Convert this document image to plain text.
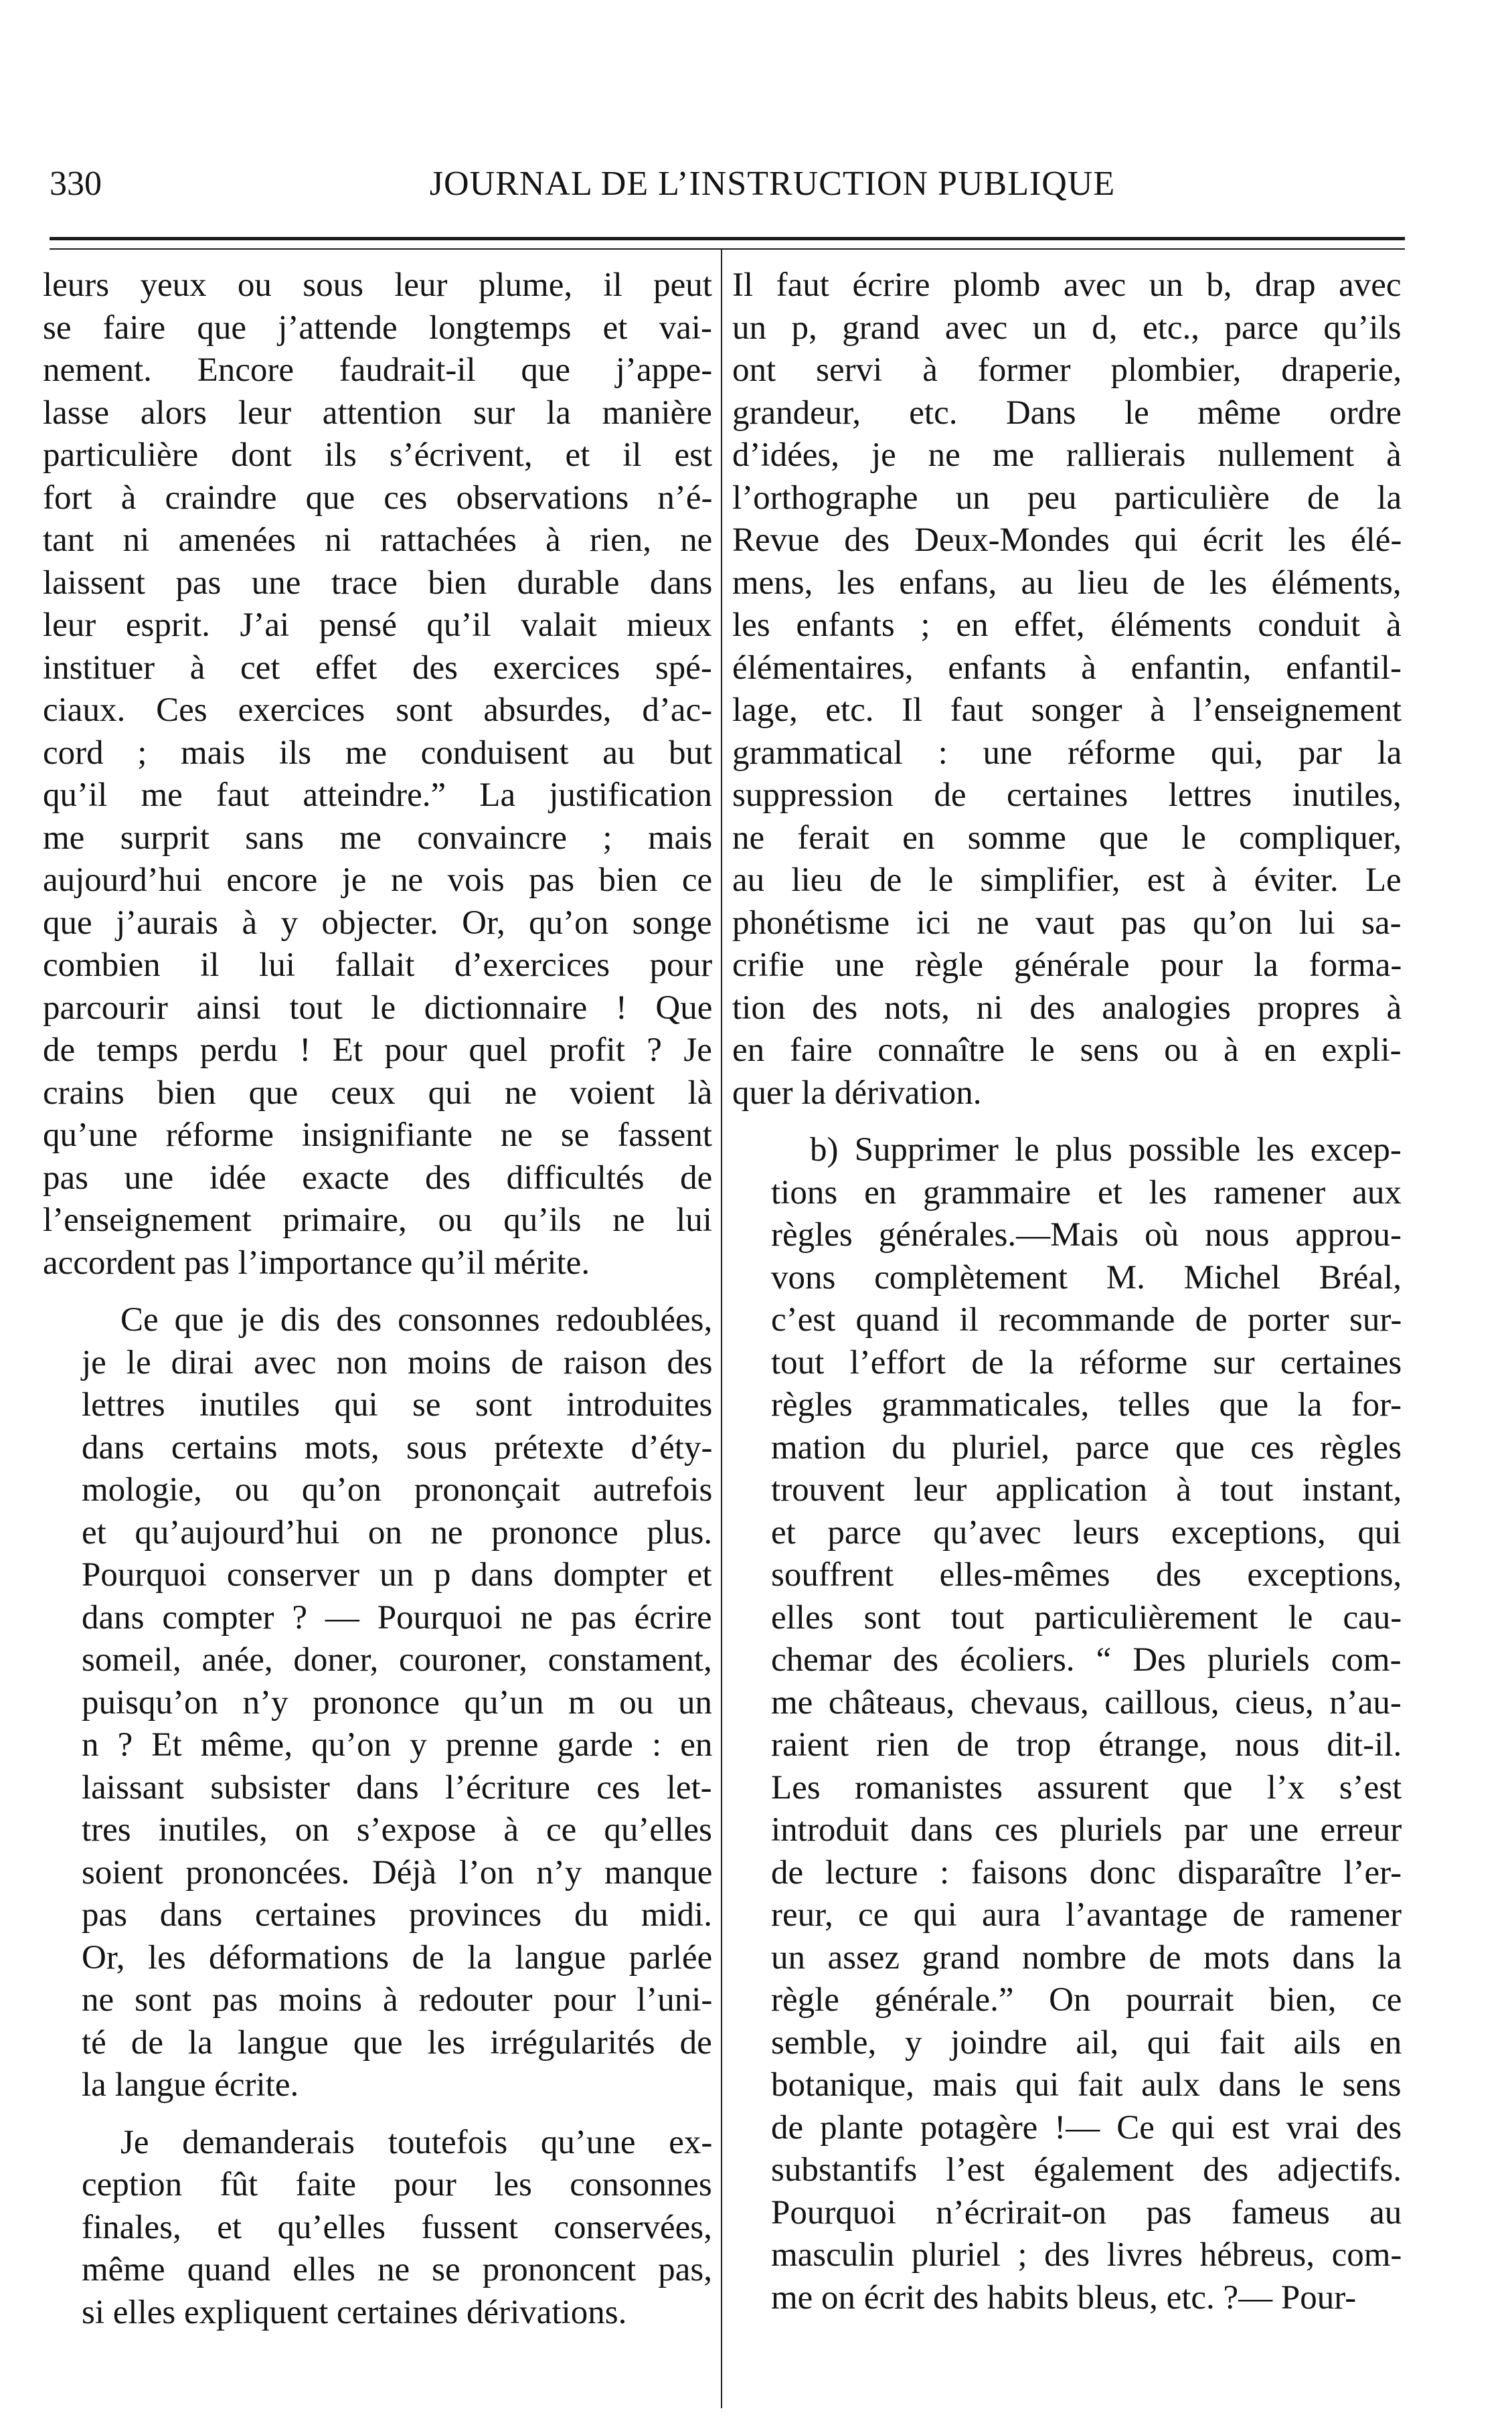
330	JOURNAL DE L’INSTRUCTION PUBLIQUE
leurs yeux ou sous leur plume, il peut
se faire que j’attende longtemps et vai-
nement. Encore faudrait-il que j’appe-
lasse alors leur attention sur la manière
particulière dont ils s’écrivent, et il est
fort à craindre que ces observations n’é-
tant ni amenées ni rattachées à rien, ne
laissent pas une trace bien durable dans
leur esprit. J’ai pensé qu’il valait mieux
instituer à cet effet des exercices spé-
ciaux. Ces exercices sont absurdes, d’ac-
cord ; mais ils me conduisent au but
qu’il me faut atteindre.” La justification
me surprit sans me convaincre ; mais
aujourd’hui encore je ne vois pas bien ce
que j’aurais à y objecter. Or, qu’on songe
combien il lui fallait d’exercices pour
parcourir ainsi tout le dictionnaire ! Que
de temps perdu ! Et pour quel profit ? Je
crains bien que ceux qui ne voient là
qu’une réforme insignifiante ne se fassent
pas une idée exacte des difficultés de
l’enseignement primaire, ou qu’ils ne lui
accordent pas l’importance qu’il mérite.
Ce que je dis des consonnes redoublées,
je le dirai avec non moins de raison des
lettres inutiles qui se sont introduites
dans certains mots, sous prétexte d’éty-
mologie, ou qu’on prononçait autrefois
et qu’aujourd’hui on ne prononce plus.
Pourquoi conserver un p dans dompter et
dans compter ? — Pourquoi ne pas écrire
someil, anée, doner, couroner, constament,
puisqu’on n’y prononce qu’un m ou un
n ? Et même, qu’on y prenne garde : en
laissant subsister dans l’écriture ces let-
tres inutiles, on s’expose à ce qu’elles
soient prononcées. Déjà l’on n’y manque
pas dans certaines provinces du midi.
Or, les déformations de la langue parlée
ne sont pas moins à redouter pour l’uni-
té de la langue que les irrégularités de
la langue écrite.
Je demanderais toutefois qu’une ex-
ception fût faite pour les consonnes
finales, et qu’elles fussent conservées,
même quand elles ne se prononcent pas,
si elles expliquent certaines dérivations.
Il faut écrire plomb avec un b, drap avec
un p, grand avec un d, etc., parce qu’ils
ont servi à former plombier, draperie,
grandeur, etc. Dans le même ordre
d’idées, je ne me rallierais nullement à
l’orthographe un peu particulière de la
Revue des Deux-Mondes qui écrit les élé-
mens, les enfans, au lieu de les éléments,
les enfants ; en effet, éléments conduit à
élémentaires, enfants à enfantin, enfantil-
lage, etc. Il faut songer à l’enseignement
grammatical : une réforme qui, par la
suppression de certaines lettres inutiles,
ne ferait en somme que le compliquer,
au lieu de le simplifier, est à éviter. Le
phonétisme ici ne vaut pas qu’on lui sa-
crifie une règle générale pour la forma-
tion des nots, ni des analogies propres à
en faire connaître le sens ou à en expli-
quer la dérivation.
b) Supprimer le plus possible les excep-
tions en grammaire et les ramener aux
règles générales.—Mais où nous approu-
vons complètement M. Michel Bréal,
c’est quand il recommande de porter sur-
tout l’effort de la réforme sur certaines
règles grammaticales, telles que la for-
mation du pluriel, parce que ces règles
trouvent leur application à tout instant,
et parce qu’avec leurs exceptions, qui
souffrent elles-mêmes des exceptions,
elles sont tout particulièrement le cau-
chemar des écoliers. “ Des pluriels com-
me châteaus, chevaus, caillous, cieus, n’au-
raient rien de trop étrange, nous dit-il.
Les romanistes assurent que l’x s’est
introduit dans ces pluriels par une erreur
de lecture : faisons donc disparaître l’er-
reur, ce qui aura l’avantage de ramener
un assez grand nombre de mots dans la
règle générale.” On pourrait bien, ce
semble, y joindre ail, qui fait ails en
botanique, mais qui fait aulx dans le sens
de plante potagère !— Ce qui est vrai des
substantifs l’est également des adjectifs.
Pourquoi n’écrirait-on pas fameus au
masculin pluriel ; des livres hébreus, com-
me on écrit des habits bleus, etc. ?— Pour-
